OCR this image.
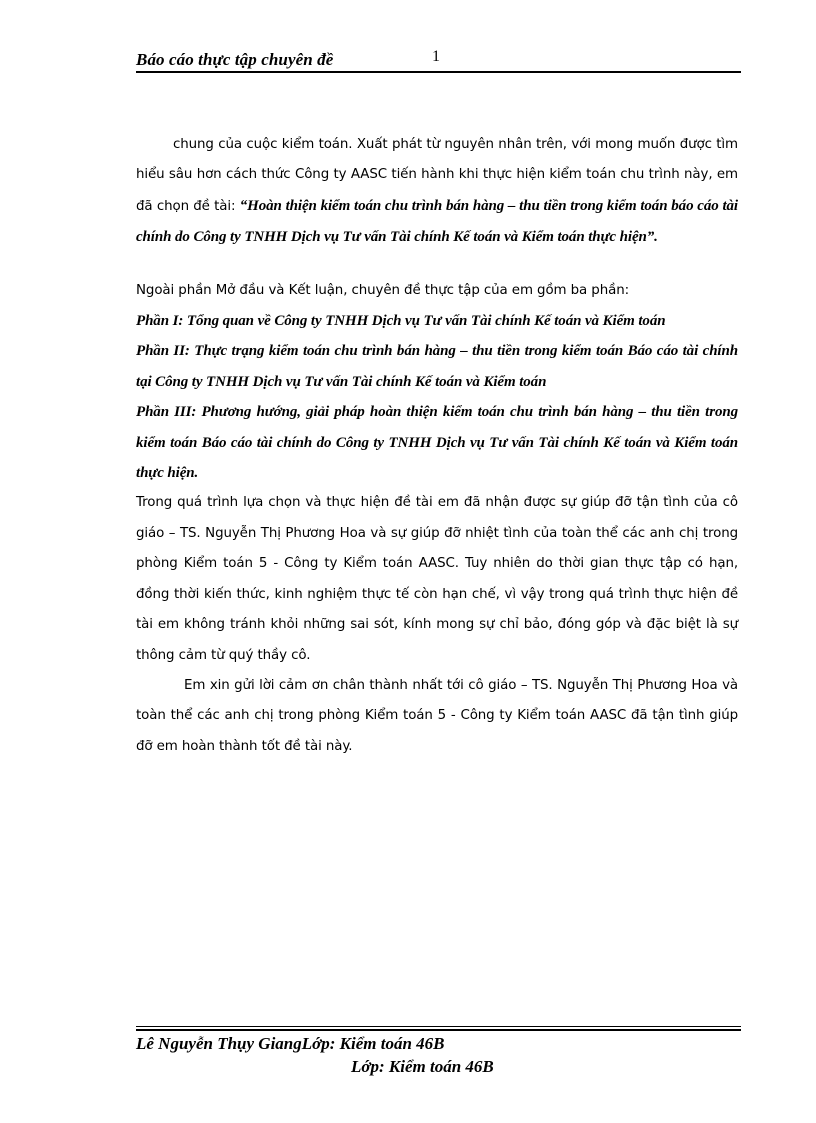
Báo cáo thực tập chuyên đề	1

chung của cuộc kiểm toán. Xuất phát từ nguyên nhân trên, với mong muốn được tìm hiểu sâu hơn cách thức Công ty AASC tiến hành khi thực hiện kiểm toán chu trình này, em đã chọn đề tài: “Hoàn thiện kiểm toán chu trình bán hàng – thu tiền trong kiểm toán báo cáo tài chính do Công ty TNHH Dịch vụ Tư vấn Tài chính Kế toán và Kiểm toán thực hiện”.

Ngoài phần Mở đầu và Kết luận, chuyên đề thực tập của em gồm ba phần:

Phần I: Tổng quan về Công ty TNHH Dịch vụ Tư vấn Tài chính Kế toán và Kiểm toán

Phần II: Thực trạng kiểm toán chu trình bán hàng – thu tiền trong kiểm toán Báo cáo tài chính tại Công ty TNHH Dịch vụ Tư vấn Tài chính Kế toán và Kiểm toán

Phần III: Phương hướng, giải pháp hoàn thiện kiểm toán chu trình bán hàng – thu tiền trong kiểm toán Báo cáo tài chính do Công ty TNHH Dịch vụ Tư vấn Tài chính Kế toán và Kiểm toán thực hiện.

Trong quá trình lựa chọn và thực hiện đề tài em đã nhận được sự giúp đỡ tận tình của cô giáo – TS. Nguyễn Thị Phương Hoa và sự giúp đỡ nhiệt tình của toàn thể các anh chị trong phòng Kiểm toán 5 - Công ty Kiểm toán AASC. Tuy nhiên do thời gian thực tập có hạn, đồng thời kiến thức, kinh nghiệm thực tế còn hạn chế, vì vậy trong quá trình thực hiện đề tài em không tránh khỏi những sai sót, kính mong sự chỉ bảo, đóng góp và đặc biệt là sự thông cảm từ quý thầy cô.

Em xin gửi lời cảm ơn chân thành nhất tới cô giáo – TS. Nguyễn Thị Phương Hoa và toàn thể các anh chị trong phòng Kiểm toán 5 - Công ty Kiểm toán AASC đã tận tình giúp đỡ em hoàn thành tốt đề tài này.

Lê Nguyễn Thụy GiangLớp: Kiểm toán 46B
Lớp: Kiểm toán 46B
